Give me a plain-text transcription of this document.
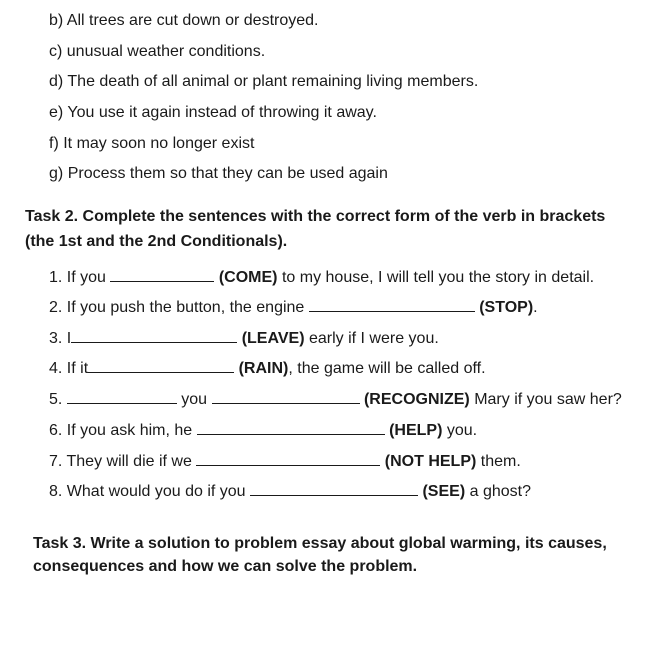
b) All trees are cut down or destroyed.
c) unusual weather conditions.
d) The death of all animal or plant remaining living members.
e) You use it again instead of throwing it away.
f) It may soon no longer exist
g) Process them so that they can be used again
Task 2. Complete the sentences with the correct form of the verb in brackets
(the 1st and the 2nd Conditionals).
1. If you	(COME) to my house, I will tell you the story in detail.
2. If you push the button, the engine	(STOP).
3. I	(LEAVE) early if I were you.
4. If it	(RAIN), the game will be called off.
5.	you	(RECOGNIZE) Mary if you saw her?
6. If you ask him, he	(HELP) you.
7. They will die if we	(NOT HELP) them.
8. What would you do if you	(SEE) a ghost?
Task 3. Write a solution to problem essay about global warming, its causes,
consequences and how we can solve the problem.
